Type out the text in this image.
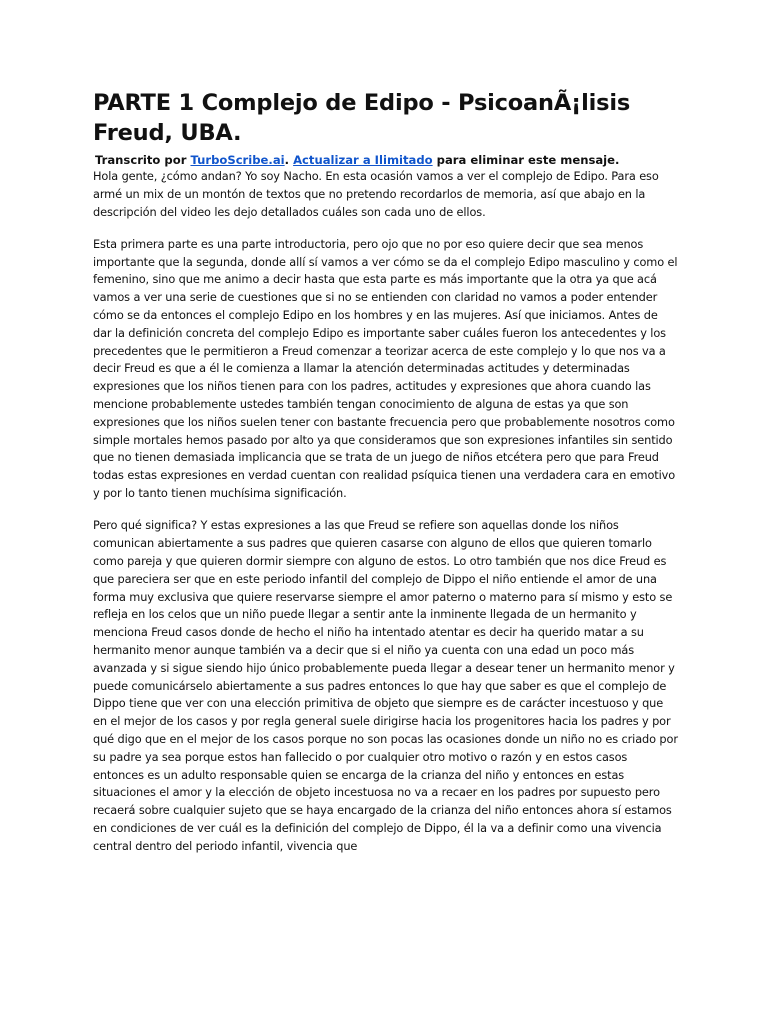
PARTE 1 Complejo de Edipo - PsicoanÃ¡lisis Freud, UBA.
Transcrito por TurboScribe.ai. Actualizar a Ilimitado para eliminar este mensaje.

Hola gente, ¿cómo andan? Yo soy Nacho. En esta ocasión vamos a ver el complejo de Edipo. Para eso armé un mix de un montón de textos que no pretendo recordarlos de memoria, así que abajo en la descripción del video les dejo detallados cuáles son cada uno de ellos.

Esta primera parte es una parte introductoria, pero ojo que no por eso quiere decir que sea menos importante que la segunda, donde allí sí vamos a ver cómo se da el complejo Edipo masculino y como el femenino, sino que me animo a decir hasta que esta parte es más importante que la otra ya que acá vamos a ver una serie de cuestiones que si no se entienden con claridad no vamos a poder entender cómo se da entonces el complejo Edipo en los hombres y en las mujeres. Así que iniciamos. Antes de dar la definición concreta del complejo Edipo es importante saber cuáles fueron los antecedentes y los precedentes que le permitieron a Freud comenzar a teorizar acerca de este complejo y lo que nos va a decir Freud es que a él le comienza a llamar la atención determinadas actitudes y determinadas expresiones que los niños tienen para con los padres, actitudes y expresiones que ahora cuando las mencione probablemente ustedes también tengan conocimiento de alguna de estas ya que son expresiones que los niños suelen tener con bastante frecuencia pero que probablemente nosotros como simple mortales hemos pasado por alto ya que consideramos que son expresiones infantiles sin sentido que no tienen demasiada implicancia que se trata de un juego de niños etcétera pero que para Freud todas estas expresiones en verdad cuentan con realidad psíquica tienen una verdadera cara en emotivo y por lo tanto tienen muchísima significación.

Pero qué significa? Y estas expresiones a las que Freud se refiere son aquellas donde los niños comunican abiertamente a sus padres que quieren casarse con alguno de ellos que quieren tomarlo como pareja y que quieren dormir siempre con alguno de estos. Lo otro también que nos dice Freud es que pareciera ser que en este periodo infantil del complejo de Dippo el niño entiende el amor de una forma muy exclusiva que quiere reservarse siempre el amor paterno o materno para sí mismo y esto se refleja en los celos que un niño puede llegar a sentir ante la inminente llegada de un hermanito y menciona Freud casos donde de hecho el niño ha intentado atentar es decir ha querido matar a su hermanito menor aunque también va a decir que si el niño ya cuenta con una edad un poco más avanzada y si sigue siendo hijo único probablemente pueda llegar a desear tener un hermanito menor y puede comunicárselo abiertamente a sus padres entonces lo que hay que saber es que el complejo de Dippo tiene que ver con una elección primitiva de objeto que siempre es de carácter incestuoso y que en el mejor de los casos y por regla general suele dirigirse hacia los progenitores hacia los padres y por qué digo que en el mejor de los casos porque no son pocas las ocasiones donde un niño no es criado por su padre ya sea porque estos han fallecido o por cualquier otro motivo o razón y en estos casos entonces es un adulto responsable quien se encarga de la crianza del niño y entonces en estas situaciones el amor y la elección de objeto incestuosa no va a recaer en los padres por supuesto pero recaerá sobre cualquier sujeto que se haya encargado de la crianza del niño entonces ahora sí estamos en condiciones de ver cuál es la definición del complejo de Dippo, él la va a definir como una vivencia central dentro del periodo infantil, vivencia que
